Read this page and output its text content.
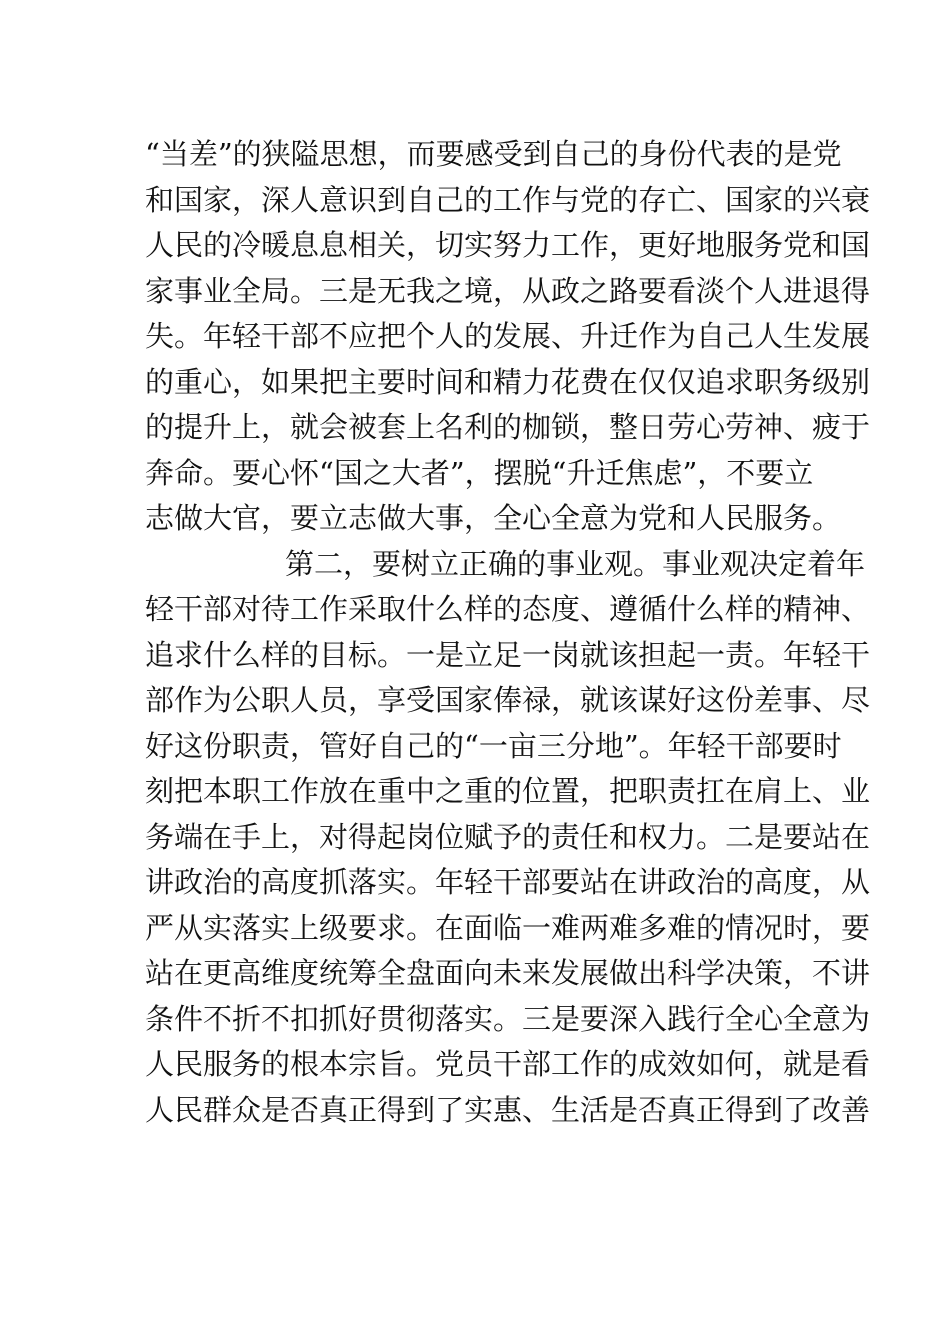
“当差”的狭隘思想，而要感受到自己的身份代表的是党
和国家，深人意识到自己的工作与党的存亡、国家的兴衰
人民的冷暖息息相关，切实努力工作，更好地服务党和国
家事业全局。三是无我之境，从政之路要看淡个人进退得
失。年轻干部不应把个人的发展、升迁作为自己人生发展
的重心，如果把主要时间和精力花费在仅仅追求职务级别
的提升上，就会被套上名利的枷锁，整日劳心劳神、疲于
奔命。要心怀“国之大者”，摆脱“升迁焦虑”，不要立
志做大官，要立志做大事，全心全意为党和人民服务。
第二，要树立正确的事业观。事业观决定着年
轻干部对待工作采取什么样的态度、遵循什么样的精神、
追求什么样的目标。一是立足一岗就该担起一责。年轻干
部作为公职人员，享受国家俸禄，就该谋好这份差事、尽
好这份职责，管好自己的“一亩三分地”。年轻干部要时
刻把本职工作放在重中之重的位置，把职责扛在肩上、业
务端在手上，对得起岗位赋予的责任和权力。二是要站在
讲政治的高度抓落实。年轻干部要站在讲政治的高度，从
严从实落实上级要求。在面临一难两难多难的情况时，要
站在更高维度统筹全盘面向未来发展做出科学决策，不讲
条件不折不扣抓好贯彻落实。三是要深入践行全心全意为
人民服务的根本宗旨。党员干部工作的成效如何，就是看
人民群众是否真正得到了实惠、生活是否真正得到了改善
